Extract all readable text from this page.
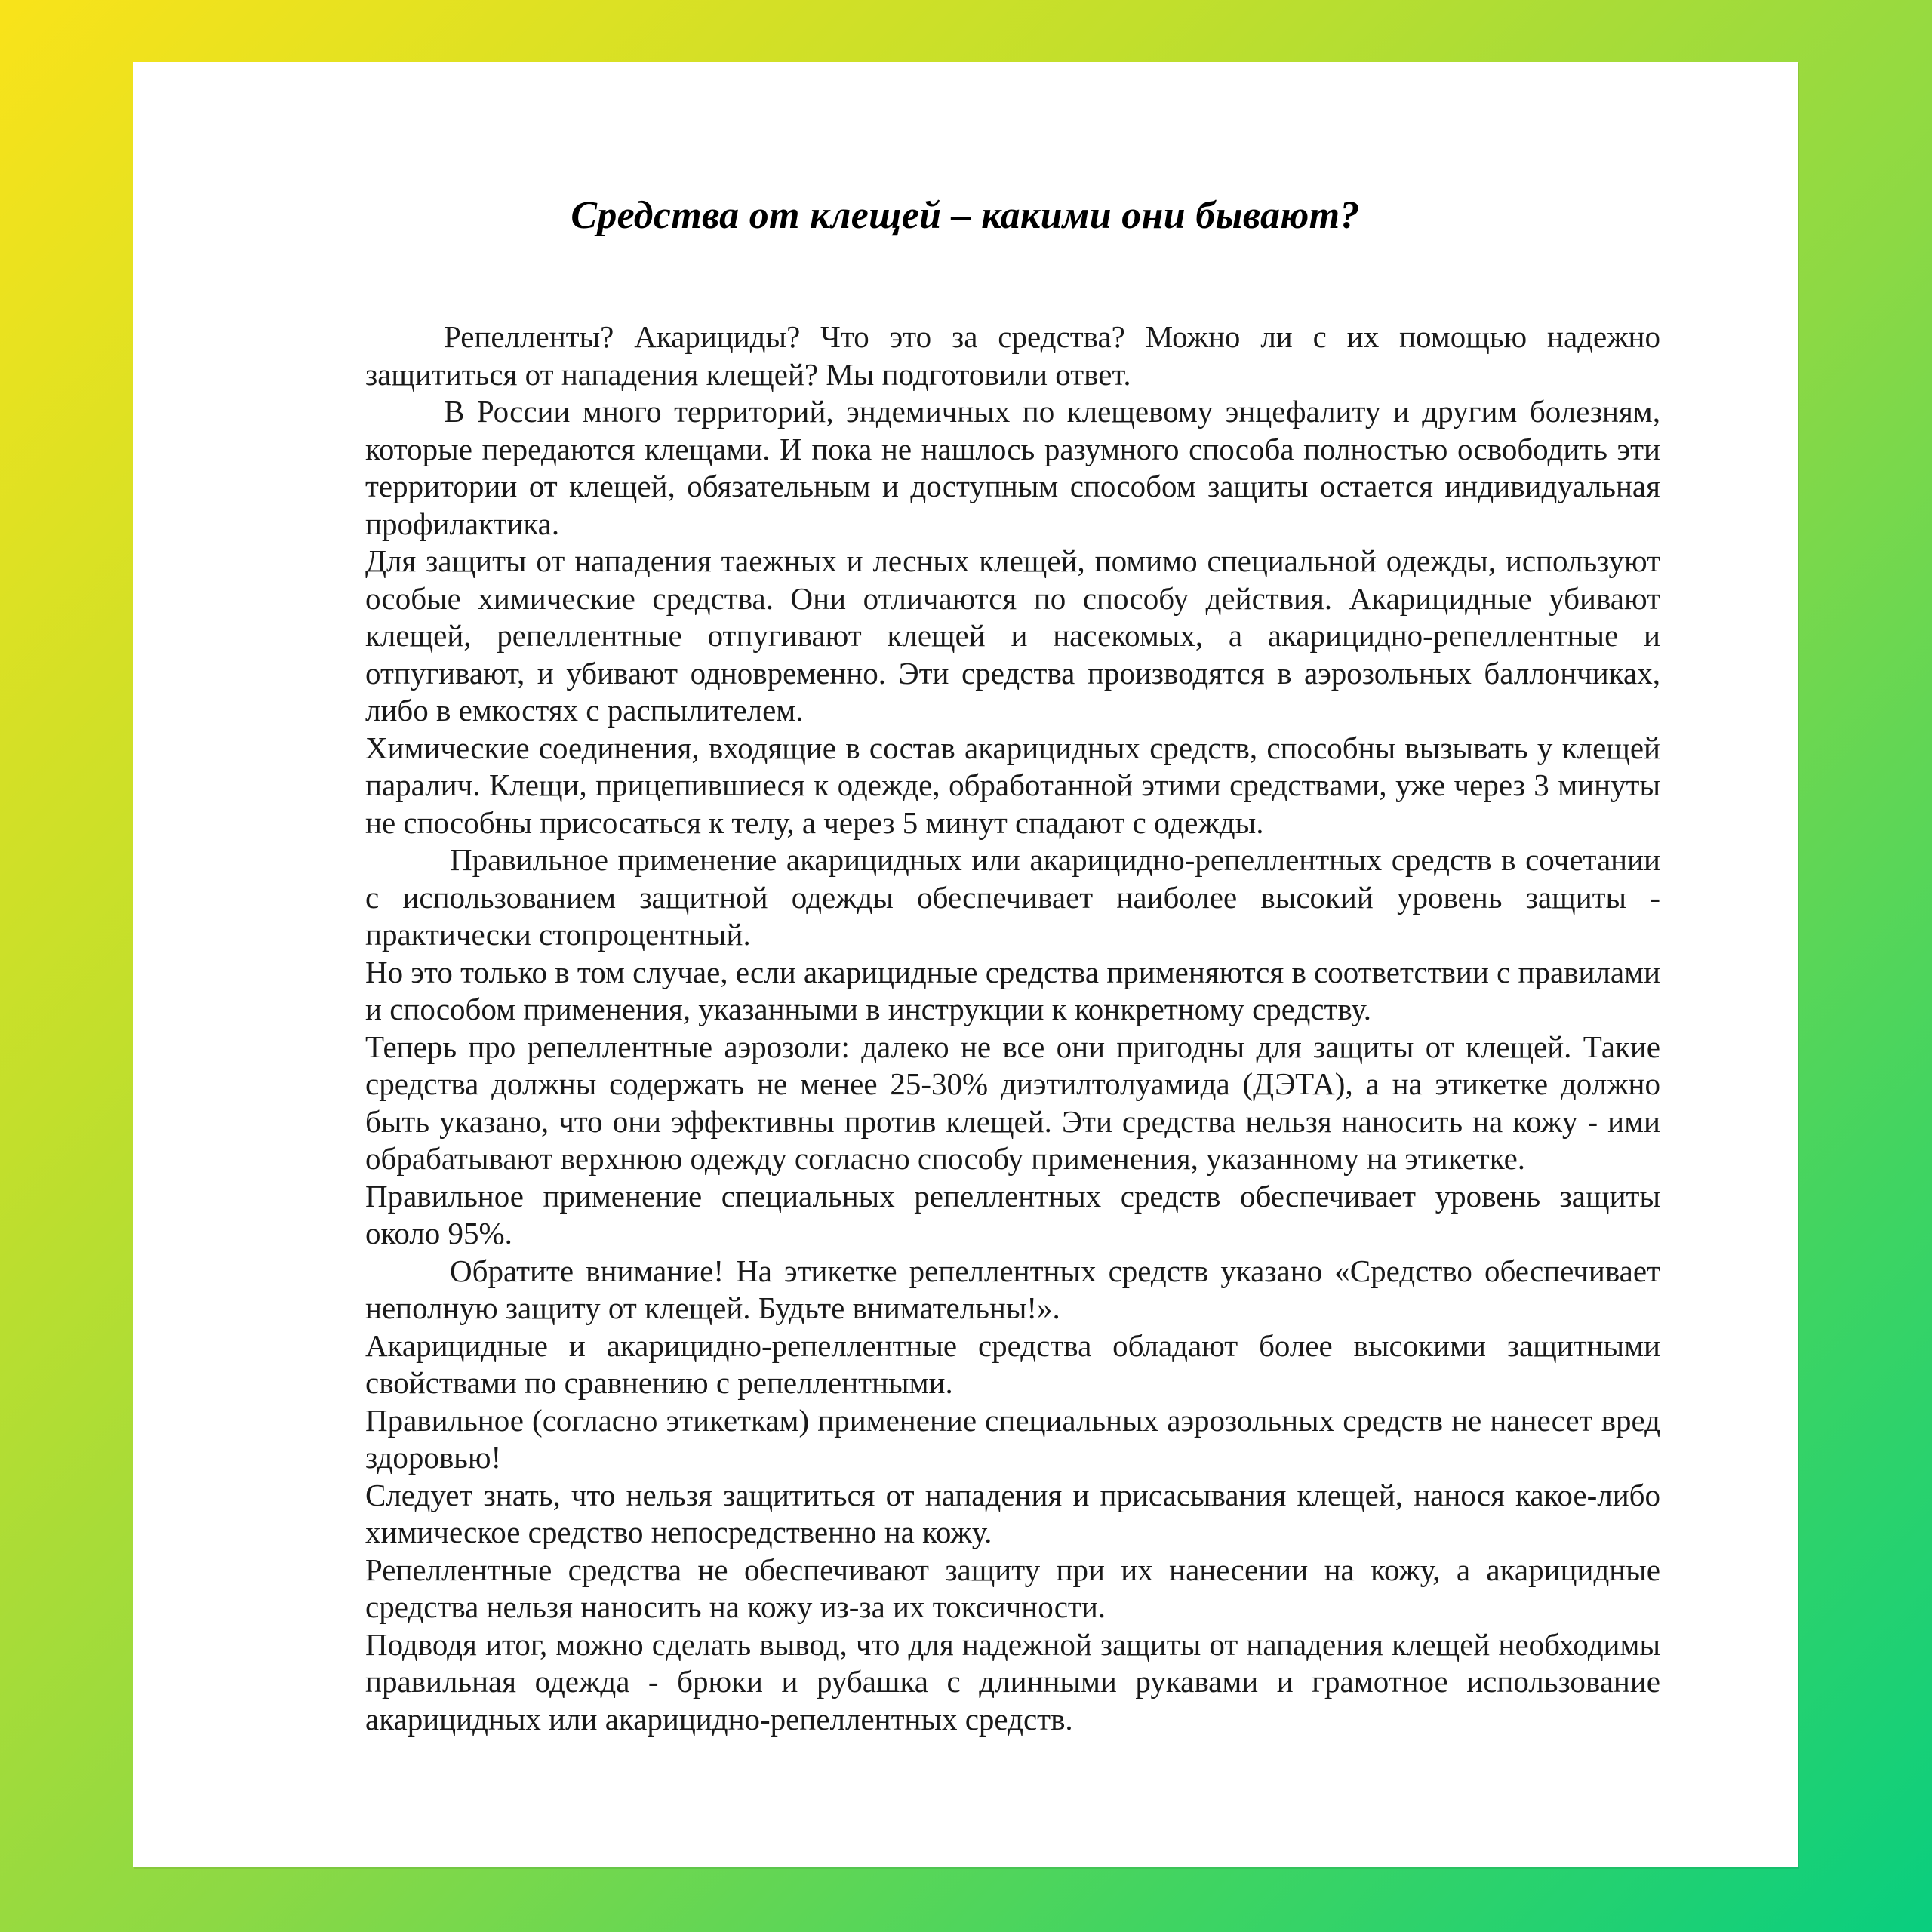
Средства от клещей – какими они бывают?

Репелленты? Акарициды? Что это за средства? Можно ли с их помощью надежно защититься от нападения клещей? Мы подготовили ответ.

В России много территорий, эндемичных по клещевому энцефалиту и другим болезням, которые передаются клещами. И пока не нашлось разумного способа полностью освободить эти территории от клещей, обязательным и доступным способом защиты остается индивидуальная профилактика.

Для защиты от нападения таежных и лесных клещей, помимо специальной одежды, используют особые химические средства. Они отличаются по способу действия. Акарицидные убивают клещей, репеллентные отпугивают клещей и насекомых, а акарицидно-репеллентные и отпугивают, и убивают одновременно. Эти средства производятся в аэрозольных баллончиках, либо в емкостях с распылителем.

Химические соединения, входящие в состав акарицидных средств, способны вызывать у клещей паралич. Клещи, прицепившиеся к одежде, обработанной этими средствами, уже через 3 минуты не способны присосаться к телу, а через 5 минут спадают с одежды.

Правильное применение акарицидных или акарицидно-репеллентных средств в сочетании с использованием защитной одежды обеспечивает наиболее высокий уровень защиты - практически стопроцентный.

Но это только в том случае, если акарицидные средства применяются в соответствии с правилами и способом применения, указанными в инструкции к конкретному средству.

Теперь про репеллентные аэрозоли: далеко не все они пригодны для защиты от клещей. Такие средства должны содержать не менее 25-30% диэтилтолуамида (ДЭТА), а на этикетке должно быть указано, что они эффективны против клещей. Эти средства нельзя наносить на кожу - ими обрабатывают верхнюю одежду согласно способу применения, указанному на этикетке.

Правильное применение специальных репеллентных средств обеспечивает уровень защиты около 95%.

Обратите внимание! На этикетке репеллентных средств указано «Средство обеспечивает неполную защиту от клещей. Будьте внимательны!».

Акарицидные и акарицидно-репеллентные средства обладают более высокими защитными свойствами по сравнению с репеллентными.

Правильное (согласно этикеткам) применение специальных аэрозольных средств не нанесет вред здоровью!

Следует знать, что нельзя защититься от нападения и присасывания клещей, нанося какое-либо химическое средство непосредственно на кожу.

Репеллентные средства не обеспечивают защиту при их нанесении на кожу, а акарицидные средства нельзя наносить на кожу из-за их токсичности.

Подводя итог, можно сделать вывод, что для надежной защиты от нападения клещей необходимы правильная одежда - брюки и рубашка с длинными рукавами и грамотное использование акарицидных или акарицидно-репеллентных средств.
